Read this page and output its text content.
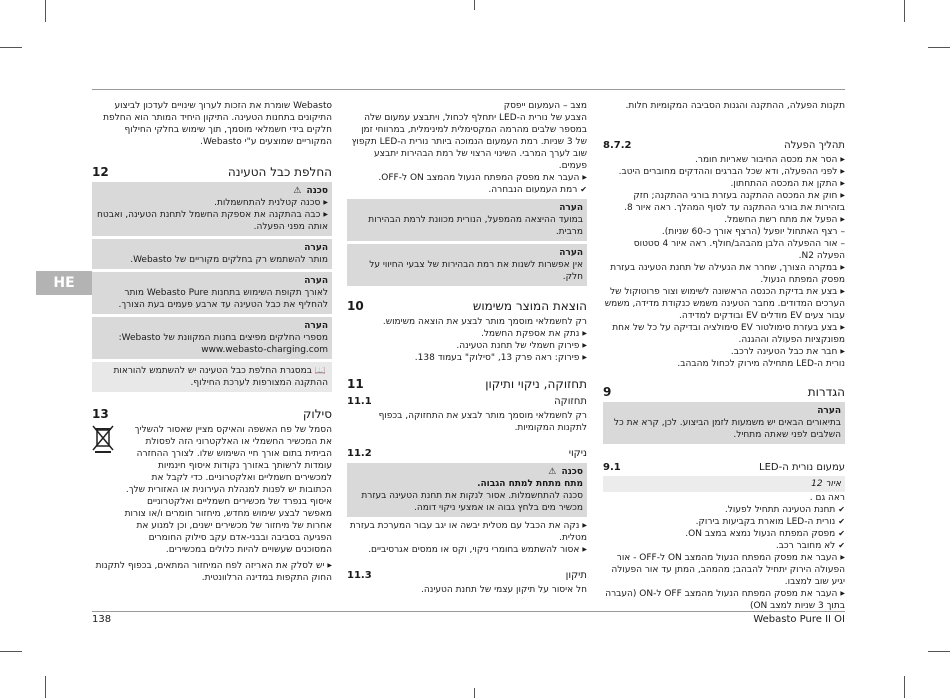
HE
138	Webasto Pure II OI

תקנות הפעלה, ההתקנה והגנות הסביבה המקומיות חלות.

תהליך הפעלה
8.7.2

▶ הסר את מכסה החיבור שאריות חומר.

▶ לפני ההפעלה, ודא שכל הברגים וההדקים מחוברים היטב.

▶ התקן את המכסה ההתחתון.

▶ חוק את המכסה ההתקנה בעזרת בורגי ההתקנה; חזק בזהירות את בורגי ההתקנה עד לסוף המהלך. ראה איור 8.

▶ הפעל את מתח רשת החשמל.

– רצף האתחול יופעל (הרצף אורך כ-60 שניות).

– אור ההפעלה הלבן מהבהב/חולף. ראה איור 4 סטטוס הפעלה N2.

▶ במקרה הצורך, שחרר את הנעילה של תחנת הטעינה בעזרת מפסק המפתח הנעול.

▶ בצע את בדיקת הכנסה הראשונה לשימוש וצור פרוטוקול של הערכים המדודים. מחבר הטעינה משמש כנקודת מדידה, משמש עבור צעים EV מודלים EV ובודקים למדידה.

▶ בצע בעזרת סימולטור EV סימולציה ובדיקה על כל של אחת מפונקציות הפעולה וההגנה.

▶ חבר את כבל הטעינה לרכב.

נורית ה-LED מתחילה מירוק לכחול מהבהב.

הגדרות
9
הערה
בתיאורים הבאים יש משמעות לזמן הביצוע. לכן, קרא את כל השלבים לפני שאתה מתחיל.
עמעום נורית ה-LED
9.1

איור 12

ראה גם .

✔ תחנת הטעינה תתחיל לפעול.

✔ נורית ה-LED מוארת בקביעות בירוק.

✔ מפסק המפתח הנעול נמצא במצב ON.

✔ לא מחובר רכב.

▶ העבר את מפסק המפתח הנעול מהמצב ON ל-OFF - אור הפעולה הירוק יתחיל להבהב; מהמהב, המתן עד אור הפעולה יגיע שוב למצבו.

▶ העבר את מפסק המפתח הנעול מהמצב OFF ל-ON (העברה בתוך 3 שניות למצב ON)

מצב – העמעום ייפסק

הצבע של נורית ה-LED יתחלף לכחול, ויתבצע עמעום שלה במספר שלבים מהרמה המקסימלית למינימלית, במרווחי זמן של 3 שניות. רמת העמעום הנמוכה ביותר נורית ה-LED תקפוץ שוב לערך המרבי. השינוי הרצוי של רמת הבהירות יתבצע פעמים.

▶ העבר את מפסק המפתח הנעול מהמצב ON ל-OFF.

✔ רמת העמעום הנבחרה.

הערה
במועד ההיצאה מהמפעל, הנורית מכוונת לרמת הבהירות מרבית.
הערה
אין אפשרות לשנות את רמת הבהירות של צבעי החיווי על חלק.
הוצאת המוצר משימוש
10

רק לחשמלאי מוסמך מותר לבצע את הוצאה משימוש.

▶ נתק את אספקת החשמל.

▶ פירוק חשמלי של תחנת הטעינה.

▶ פירוק: ראה פרק 13, "סילוק" בעמוד 138.

תחזוקה, ניקוי ותיקון
11
תחזוקה
11.1

רק לחשמלאי מוסמך מותר לבצע את התחזוקה, בכפוף לתקנות המקומיות.

ניקוי
11.2
סכנה ⚠
מתח מתחת למתח הגבוה.
סכנה להתחשמלות. אסור לנקות את תחנת הטעינה בעזרת מכשיר מים בלחץ גבוה או אמצעי ניקוי דומה.

▶ נקה את הכבל עם מטלית יבשה או יגב עבור המערכת בעזרת מטלית.

▶ אסור להשתמש בחומרי ניקוי, וקס או ממסים אגרסיביים.

תיקון
11.3

חל איסור על תיקון עצמי של תחנת הטעינה.

Webasto שומרת את הזכות לערוך שינויים לעדכון לביצוע התיקונים בתחנות הטעינה. התיקון היחיד המותר הוא החלפת חלקים בידי חשמלאי מוסמך, תוך שימוש בחלקי החילוף המקוריים שמוצעים ע"י Webasto.

החלפת כבל הטעינה
12
סכנה ⚠

▶ סכנה קטלנית להתחשמלות.

▶ כבה בהתקנה את אספקת החשמל לתחנת הטעינה, ואבטח אותה מפני הפעלה.

הערה
מותר להשתמש רק בחלקים מקוריים של Webasto.
הערה
לאורך תקופת השימוש בתחנות Webasto Pure מותר להחליף את כבל הטעינה עד ארבע פעמים בעת הצורך.
הערה
מספרי החלקים מפיצים בחנות המקוונת של Webasto:
www.webasto-charging.com
📖 במסגרת החלפת כבל הטעינה יש להשתמש להוראות ההתקנה המצורפות לערכת החילוף.
סילוק
13

הסמל של פח האשפה והאיקס מציין שאסור להשליך את המכשיר החשמלי או האלקטרוני הזה לפסולת הביתית בתום אורך חיי השימוש שלו. לצורך ההחזרה עומדות לרשותך באזורך נקודות איסוף חינמיות למכשירים חשמליים ואלקטרוניים. כדי לקבל את הכתובות יש לפנות למנהלת העירונית או האזורית שלך. איסוף בנפרד של מכשירים חשמליים ואלקטרוניים מאפשר לבצע שימוש מחדש, מיחזור חומרים ו/או צורות אחרות של מיחזור של מכשירים ישנים, וכן למנוע את הפגיעה בסביבה ובבני-אדם עקב סילוק החומרים המסוכנים שעשויים להיות כלולים במכשירים.

▶ יש לסלק את האריזה לפח המיחזור המתאים, בכפוף לתקנות החוק התקפות במדינה הרלוונטית.
